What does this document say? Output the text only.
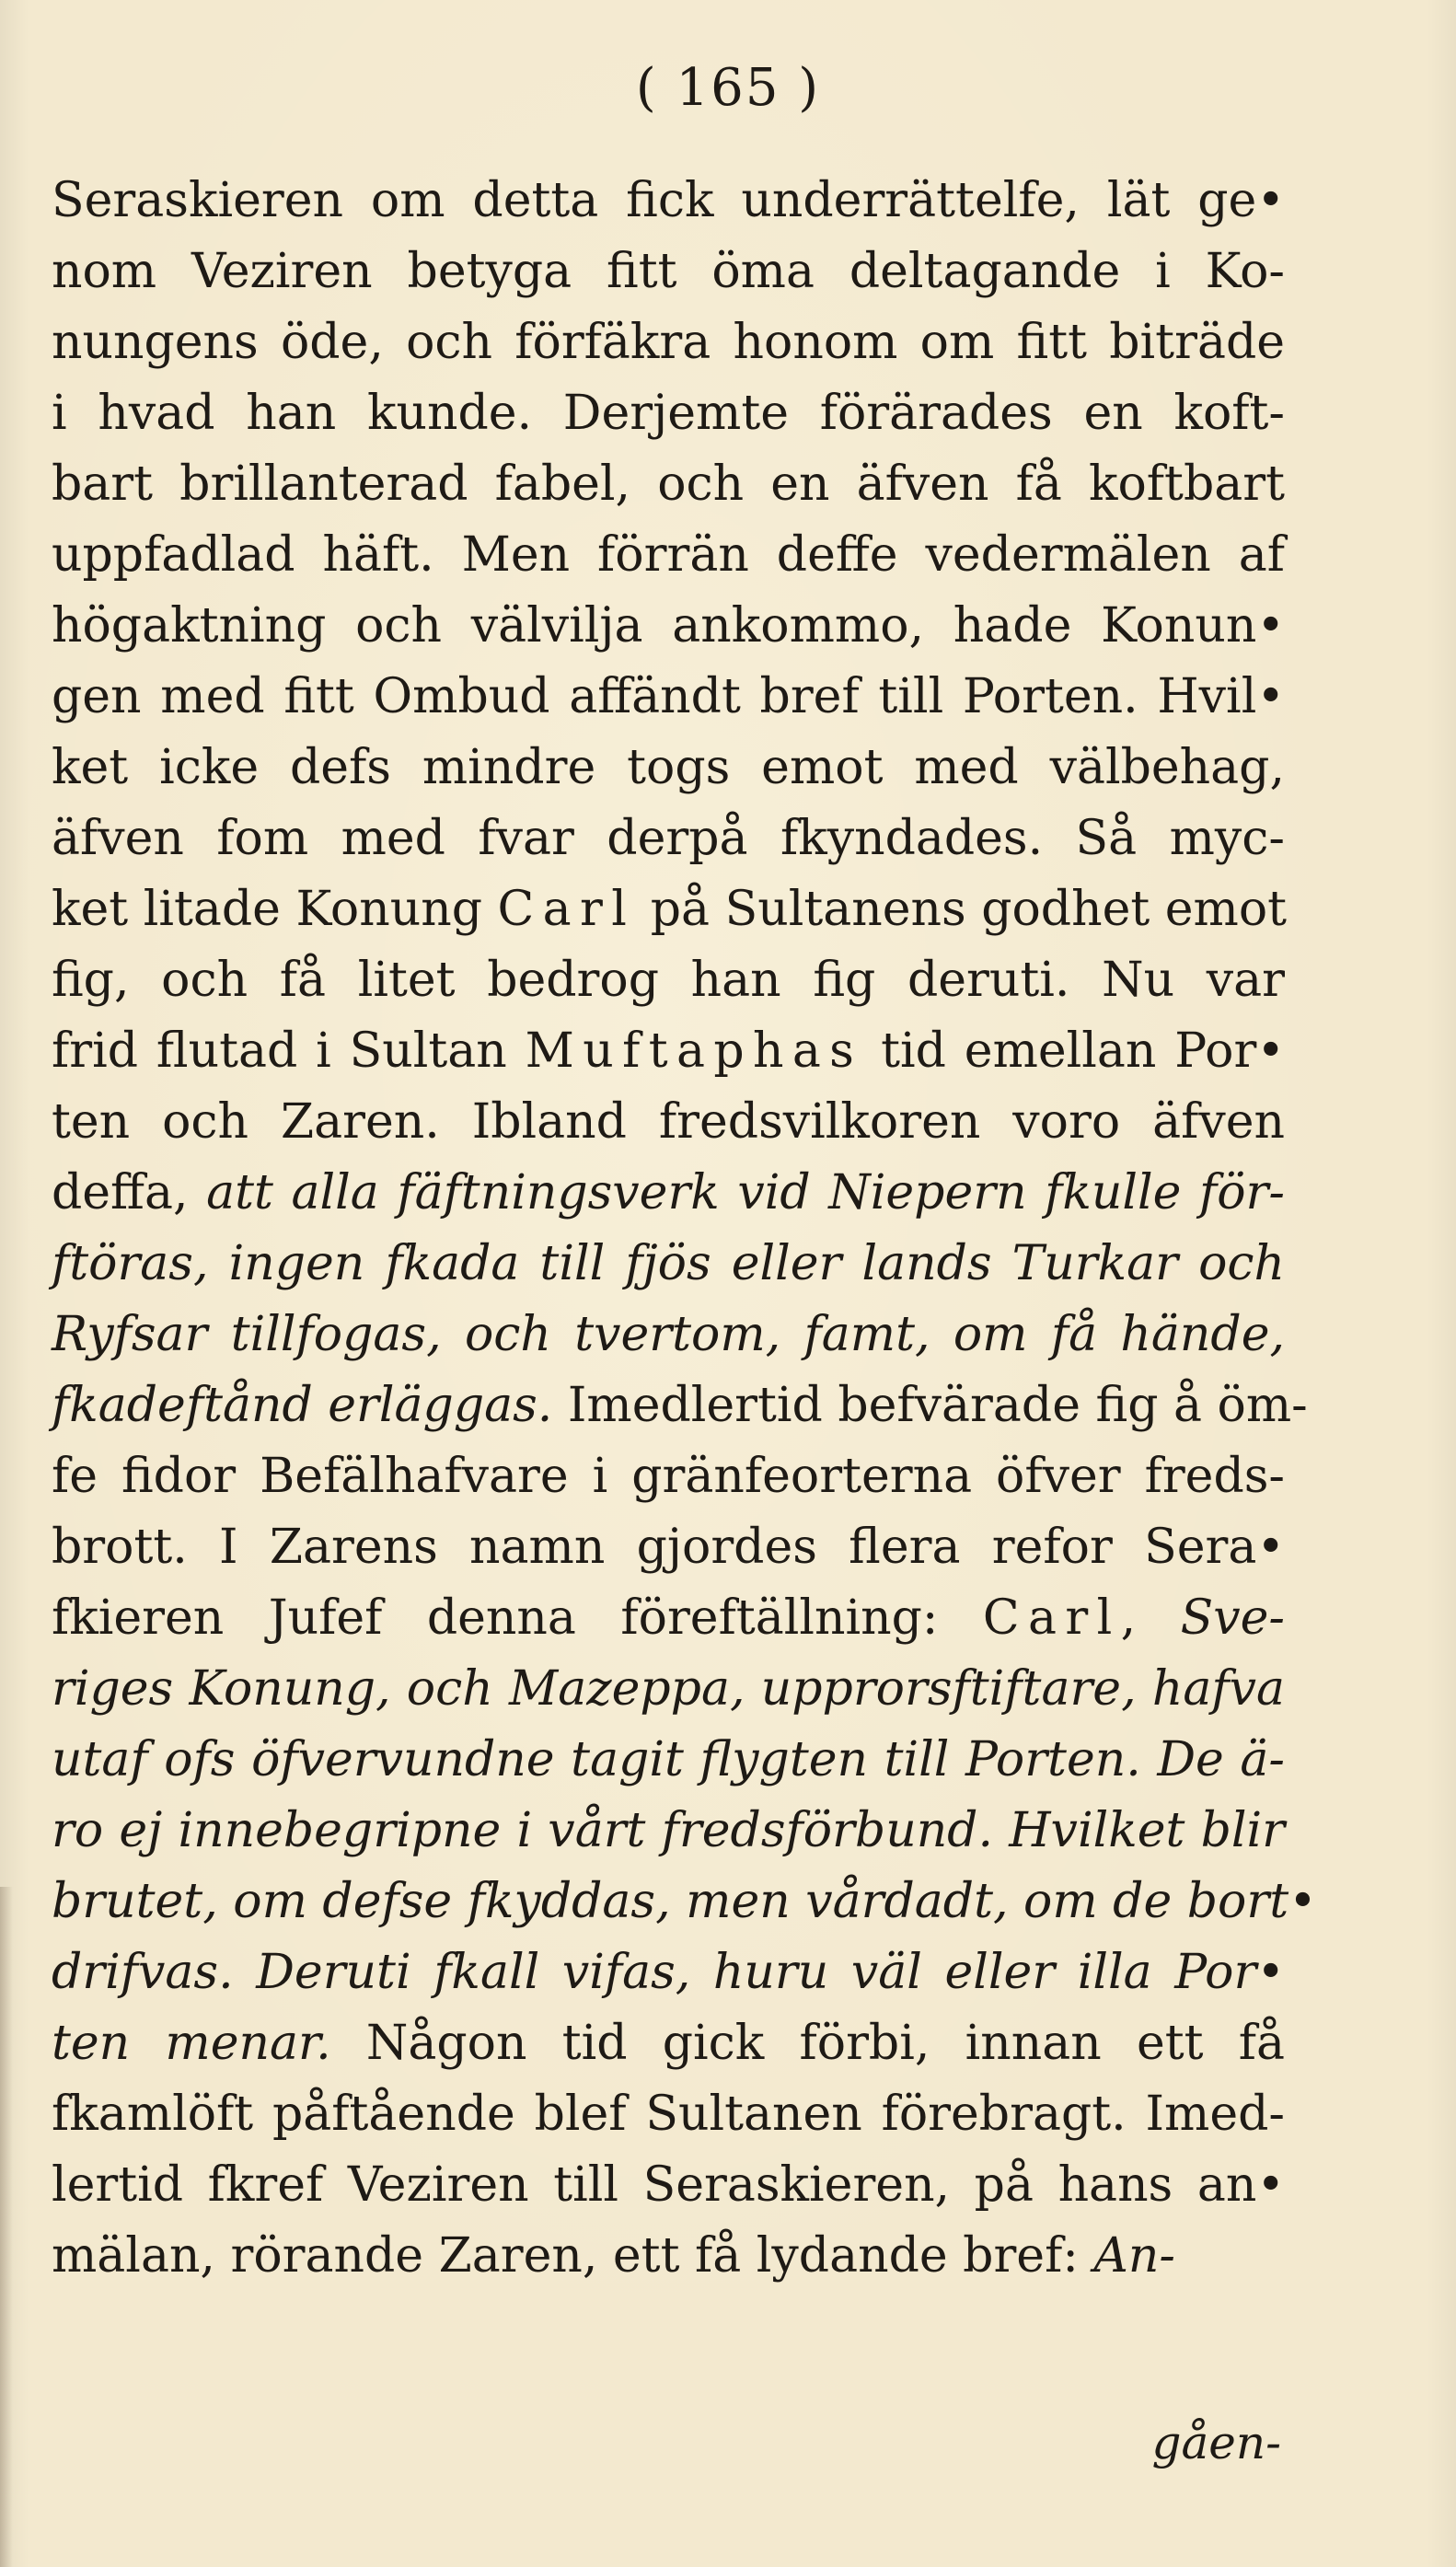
( 165 )
Seraskieren om detta fick underrättelfe, lät ge•
nom Veziren betyga fitt öma deltagande i Ko-
nungens öde, och förfäkra honom om fitt biträde
i hvad han kunde. Derjemte förärades en koft-
bart brillanterad fabel, och en äfven få koftbart
uppfadlad häft. Men förrän deffe vedermälen af
högaktning och välvilja ankommo, hade Konun•
gen med fitt Ombud affändt bref till Porten. Hvil•
ket icke defs mindre togs emot med välbehag,
äfven fom med fvar derpå fkyndades. Så myc-
ket litade Konung Carl på Sultanens godhet emot
fig, och få litet bedrog han fig deruti. Nu var
frid flutad i Sultan Muftaphas tid emellan Por•
ten och Zaren. Ibland fredsvilkoren voro äfven
deffa, att alla fäftningsverk vid Niepern fkulle för-
ftöras, ingen fkada till fjös eller lands Turkar och
Ryfsar tillfogas, och tvertom, famt, om få hände,
fkadeftånd erläggas. Imedlertid befvärade fig å öm-
fe fidor Befälhafvare i gränfeorterna öfver freds-
brott. I Zarens namn gjordes flera refor Sera•
fkieren Jufef denna föreftällning: Carl, Sve-
riges Konung, och Mazeppa, upprorsftiftare, hafva
utaf ofs öfvervundne tagit flygten till Porten. De ä-
ro ej innebegripne i vårt fredsförbund. Hvilket blir
brutet, om defse fkyddas, men vårdadt, om de bort•
drifvas. Deruti fkall vifas, huru väl eller illa Por•
ten menar. Någon tid gick förbi, innan ett få
fkamlöft påftående blef Sultanen förebragt. Imed-
lertid fkref Veziren till Seraskieren, på hans an•
mälan, rörande Zaren, ett få lydande bref: An-
gåen-
